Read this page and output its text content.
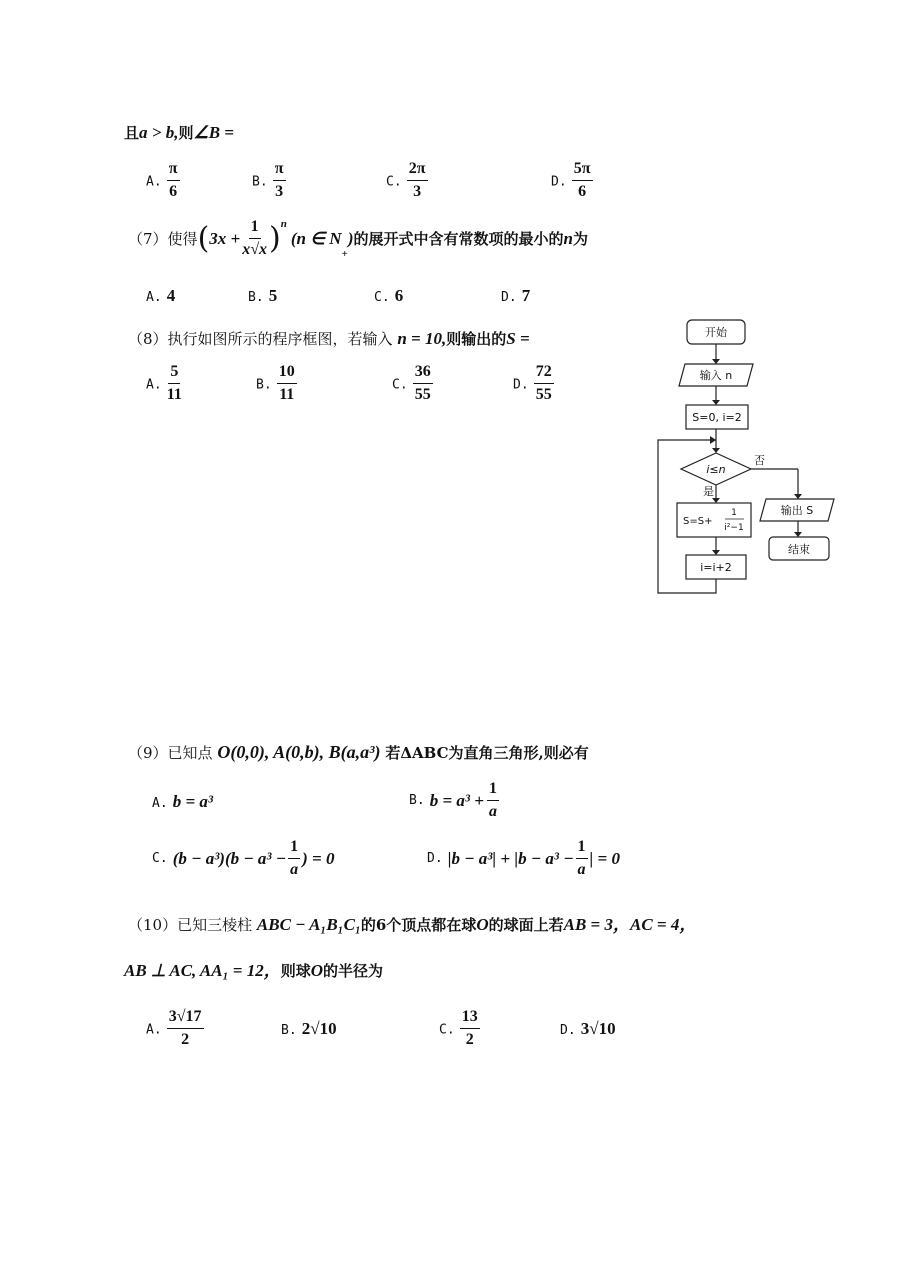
且a > b,则∠B =
A. $\frac{\pi}{6}$	B. $\frac{\pi}{3}$	C. $\frac{2\pi}{3}$	D. $\frac{5\pi}{6}$
（7） 使得 ( $3x + \frac{1}{x√x} )^n$
(n ∈ N
$_+$
) 的展开式中含有常数项的最小的 n 为
A. 4	B. 5	C. 6	D. 7
（8）执行如图所示的程序框图，若输入 n = 10,则输出的S =
A. $\frac{5}{11}$	B. $\frac{10}{11}$	C. $\frac{36}{55}$	D. $\frac{72}{55}$
开始
输入 n
S=0, i=2
i≤n
否
是
S=S+
1
i²−1
i=i+2
输出 S
结束
（9）已知点 O(0,0), A(0,b), B(a,a³) 若ΔABC为直角三角形,则必有
A. b = a³	B.
$b = a^3 + \frac{1}{a}$
C.
$(b - a^3)(b - a^3 - \frac{1}{a}$ ) = 0	D.
$|b - a^3| + |b - a^3 - \frac{1}{a}$ | = 0
（10）已知三棱柱 ABC − A₁B₁C₁的6个顶点都在球O的球面上若AB = 3，AC = 4，
AB ⊥ AC, AA₁ = 12，则球O的半径为
A. $\frac{3√17}{2}$	B. 2√10	C. $\frac{13}{2}$	D. 3√10
